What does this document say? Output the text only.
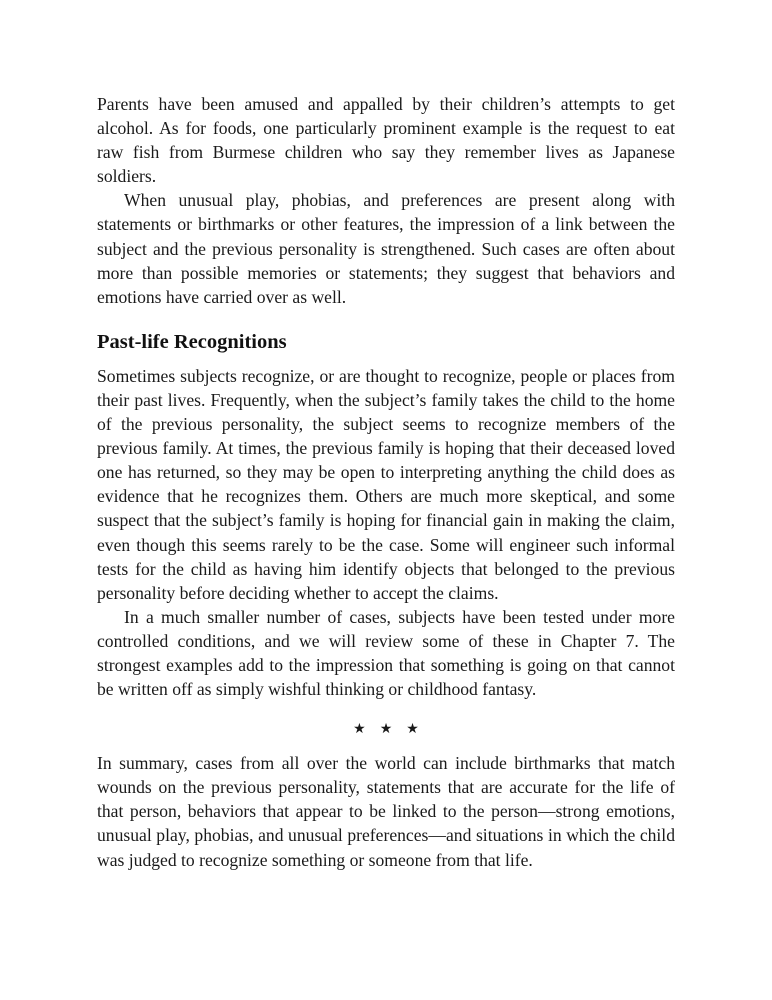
Parents have been amused and appalled by their children’s attempts to get alcohol. As for foods, one particularly prominent example is the request to eat raw fish from Burmese children who say they remember lives as Japanese soldiers.

When unusual play, phobias, and preferences are present along with statements or birthmarks or other features, the impression of a link between the subject and the previous personality is strengthened. Such cases are often about more than possible memories or statements; they suggest that behaviors and emotions have carried over as well.

Past-life Recognitions

Sometimes subjects recognize, or are thought to recognize, people or places from their past lives. Frequently, when the subject’s family takes the child to the home of the previous personality, the subject seems to recognize members of the previous family. At times, the previous family is hoping that their deceased loved one has returned, so they may be open to interpreting anything the child does as evidence that he recognizes them. Others are much more skeptical, and some suspect that the subject’s family is hoping for financial gain in making the claim, even though this seems rarely to be the case. Some will engineer such informal tests for the child as having him identify objects that belonged to the previous personality before deciding whether to accept the claims.

In a much smaller number of cases, subjects have been tested under more controlled conditions, and we will review some of these in Chapter 7. The strongest examples add to the impression that something is going on that cannot be written off as simply wishful thinking or childhood fantasy.

★★★

In summary, cases from all over the world can include birthmarks that match wounds on the previous personality, statements that are accurate for the life of that person, behaviors that appear to be linked to the person—strong emotions, unusual play, phobias, and unusual preferences—and situations in which the child was judged to recognize something or someone from that life.
